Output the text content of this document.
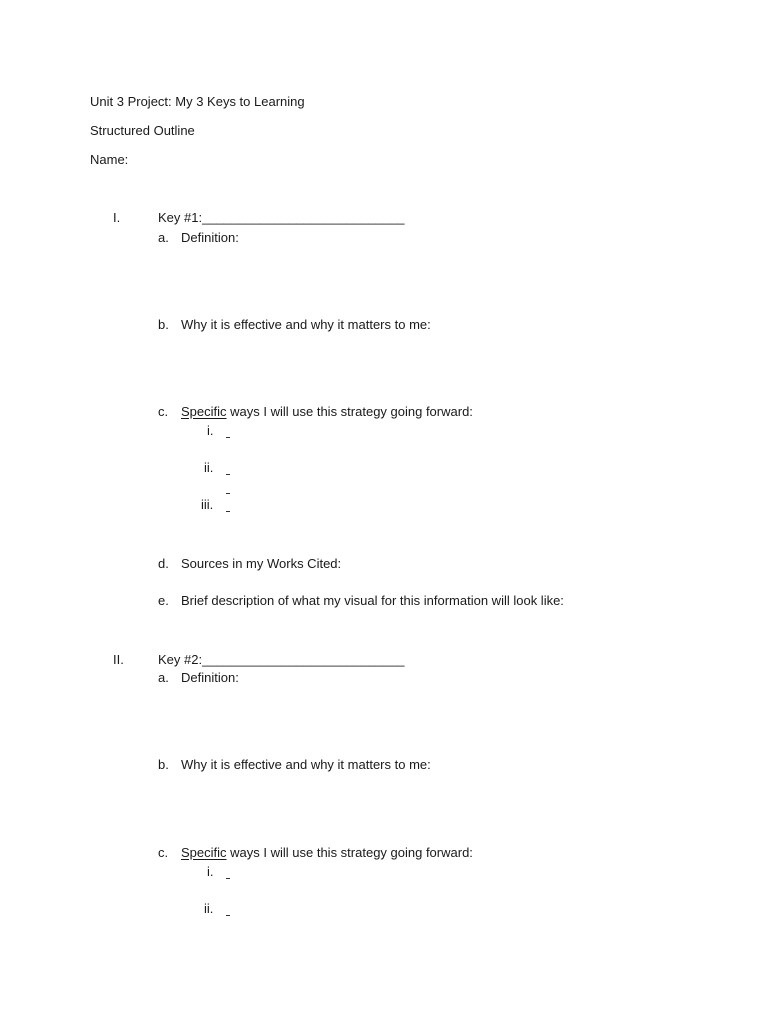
Unit 3 Project: My 3 Keys to Learning
Structured Outline
Name:
I.	Key #1:____________________________
a. Definition:
b. Why it is effective and why it matters to me:
c. Specific ways I will use this strategy going forward:
i.
ii.
iii.
d. Sources in my Works Cited:
e. Brief description of what my visual for this information will look like:
II.	Key #2:____________________________
a. Definition:
b. Why it is effective and why it matters to me:
c. Specific ways I will use this strategy going forward:
i.
ii.
